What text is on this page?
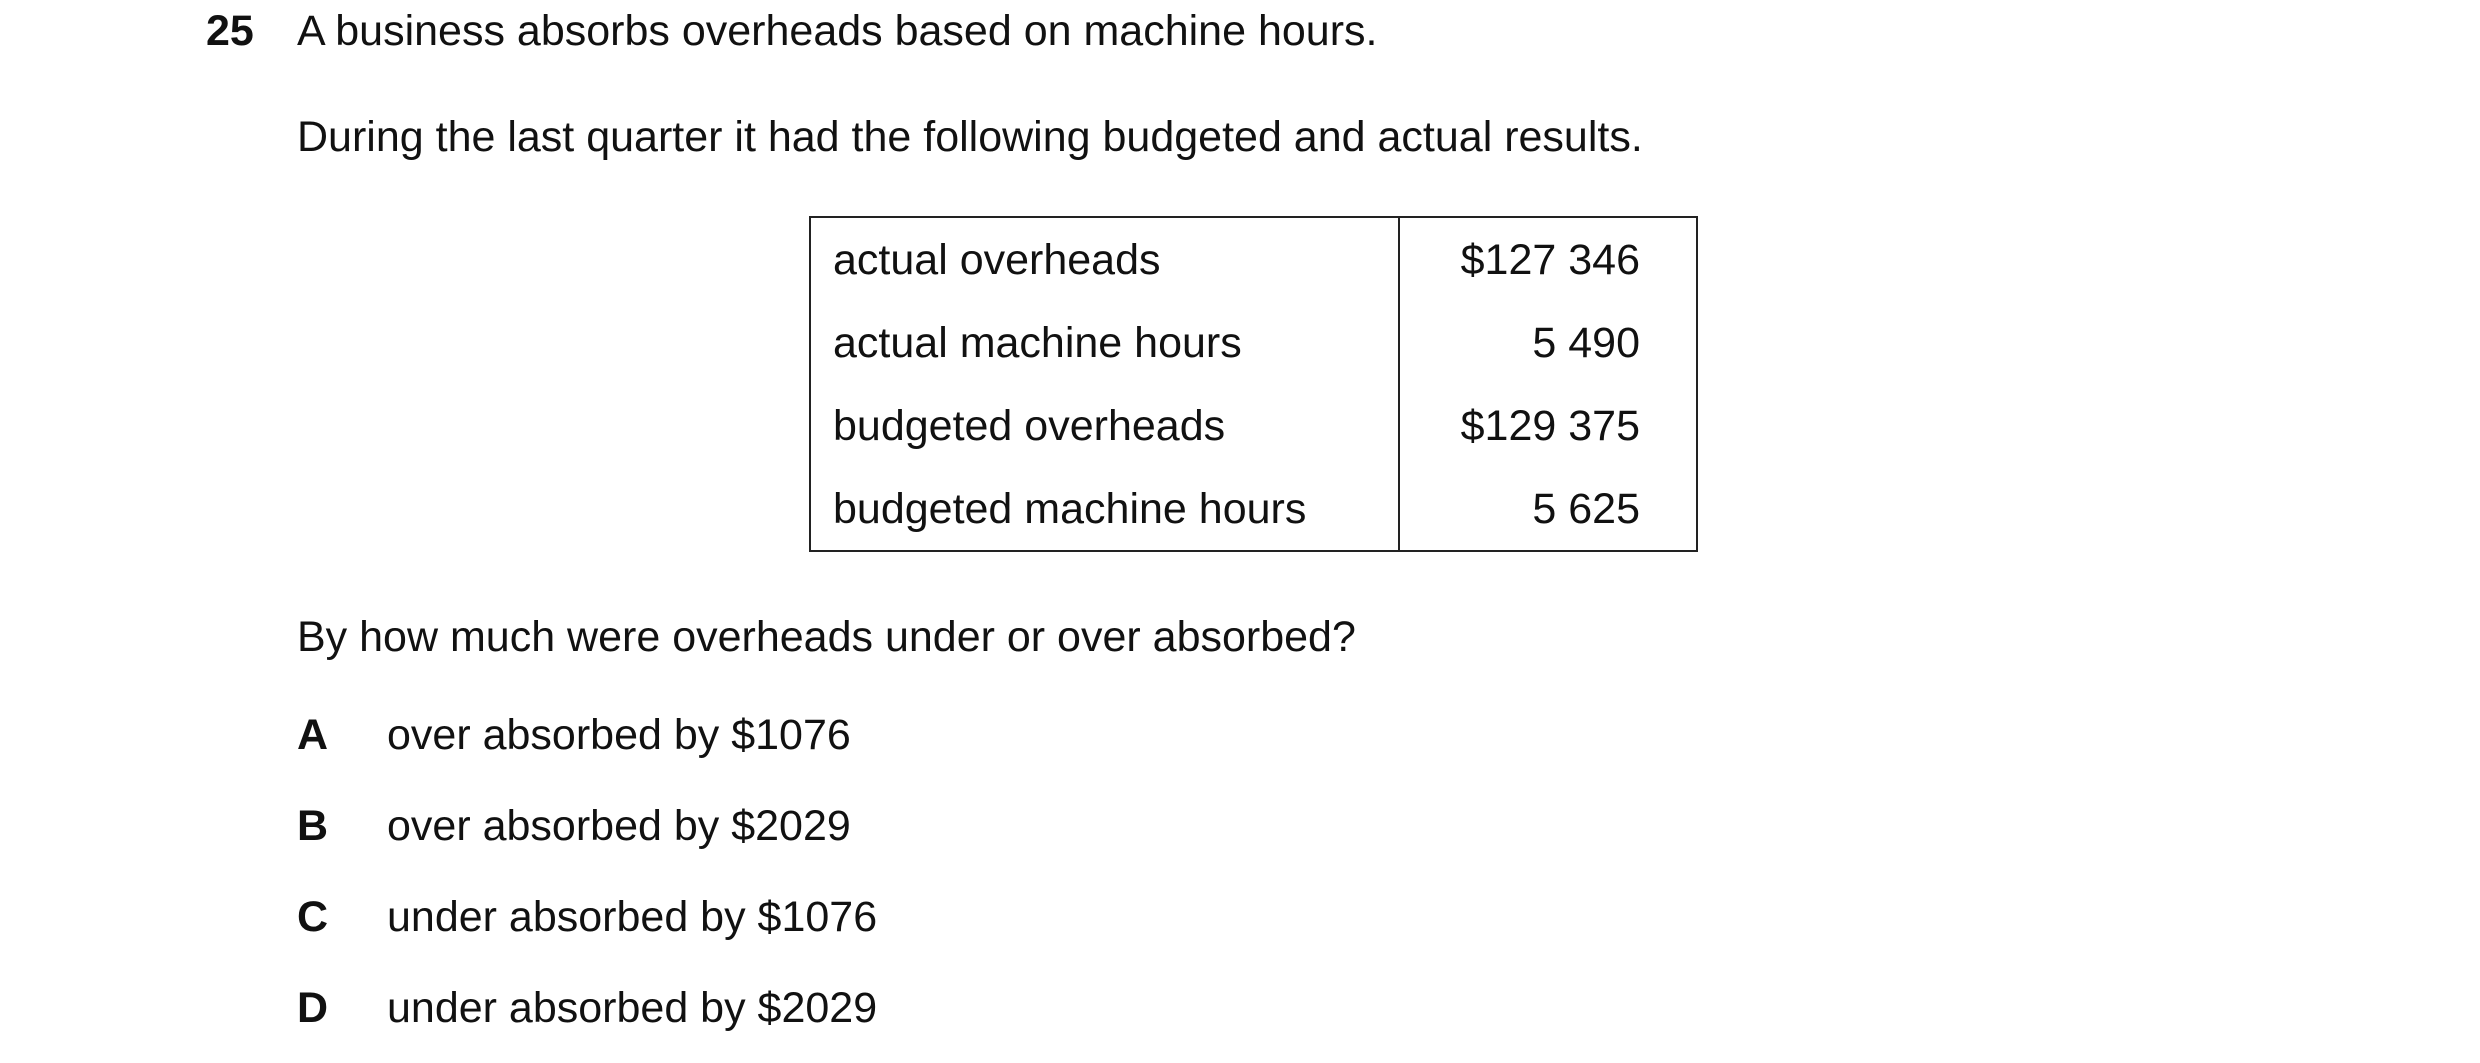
25 A business absorbs overheads based on machine hours.
During the last quarter it had the following budgeted and actual results.
actual overheads	$127 346
actual machine hours	5 490
budgeted overheads	$129 375
budgeted machine hours	5 625
By how much were overheads under or over absorbed?
A over absorbed by $1076
B over absorbed by $2029
C under absorbed by $1076
D under absorbed by $2029
